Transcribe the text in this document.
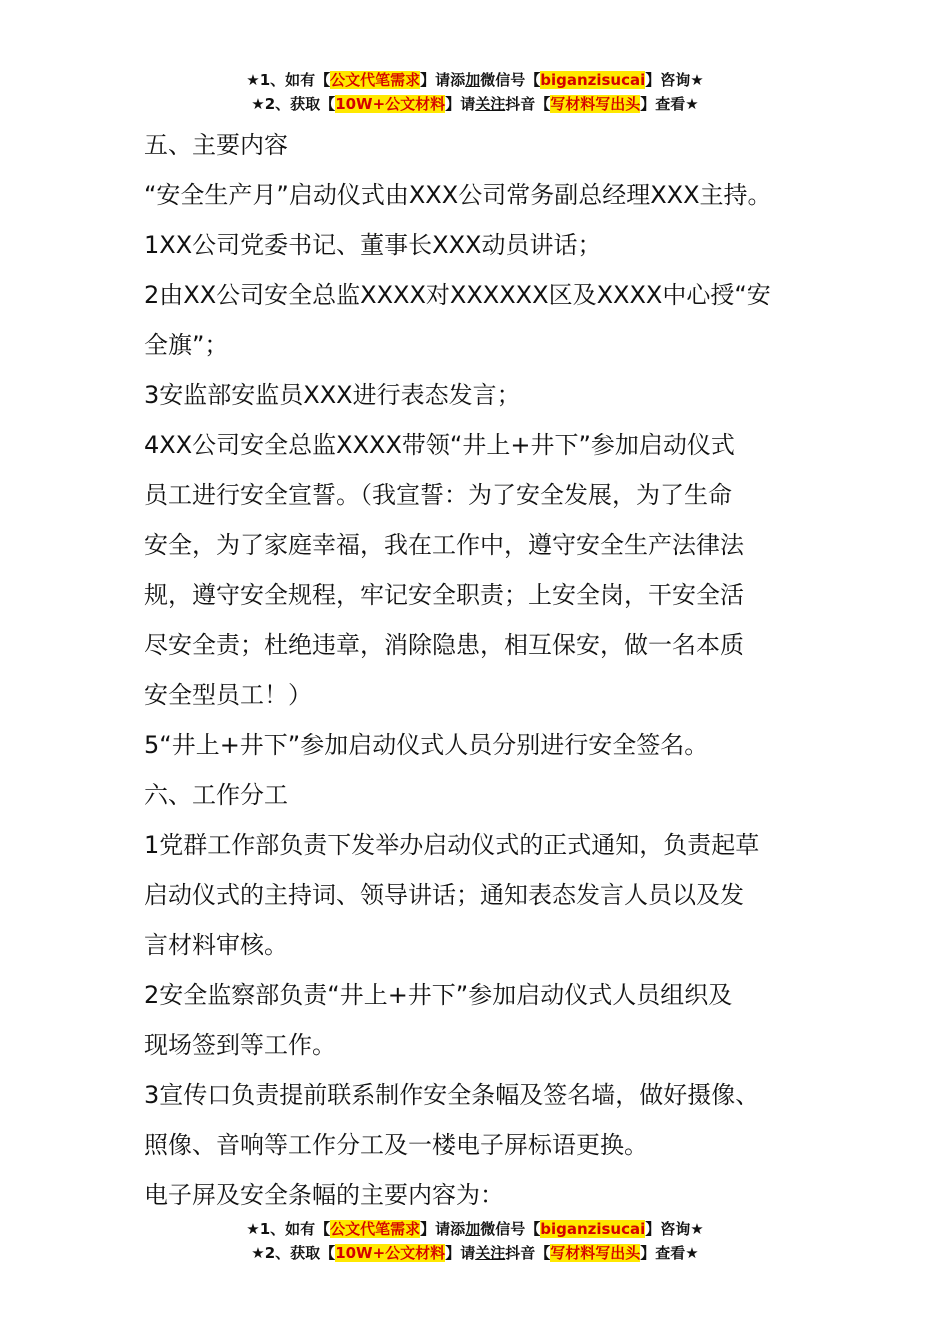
★1、如有【公文代笔需求】请添加微信号【biganzisucai】咨询★
★2、获取【10W+公文材料】请关注抖音【写材料写出头】查看★

五、主要内容

“安全生产月”启动仪式由XXX公司常务副总经理XXX主持。

1XX公司党委书记、董事长XXX动员讲话；

2由XX公司安全总监XXXX对XXXXXX区及XXXX中心授“安

全旗”；

3安监部安监员XXX进行表态发言；

4XX公司安全总监XXXX带领“井上+井下”参加启动仪式

员工进行安全宣誓。（我宣誓：为了安全发展，为了生命

安全，为了家庭幸福，我在工作中，遵守安全生产法律法

规，遵守安全规程，牢记安全职责；上安全岗，干安全活

尽安全责；杜绝违章，消除隐患，相互保安，做一名本质

安全型员工！）

5“井上+井下”参加启动仪式人员分别进行安全签名。

六、工作分工

1党群工作部负责下发举办启动仪式的正式通知，负责起草

启动仪式的主持词、领导讲话；通知表态发言人员以及发

言材料审核。

2安全监察部负责“井上+井下”参加启动仪式人员组织及

现场签到等工作。

3宣传口负责提前联系制作安全条幅及签名墙，做好摄像、

照像、音响等工作分工及一楼电子屏标语更换。

电子屏及安全条幅的主要内容为：

★1、如有【公文代笔需求】请添加微信号【biganzisucai】咨询★
★2、获取【10W+公文材料】请关注抖音【写材料写出头】查看★
